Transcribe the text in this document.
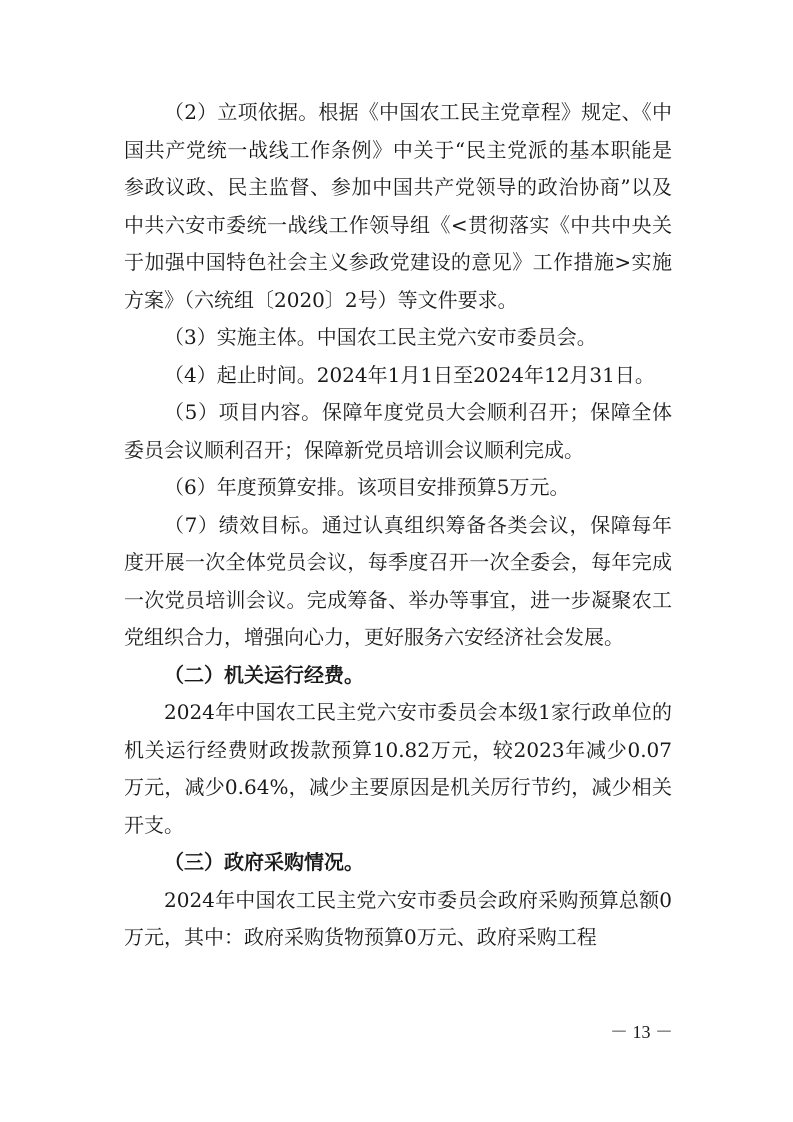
（2）立项依据。根据《中国农工民主党章程》规定、《中国共产党统一战线工作条例》中关于“民主党派的基本职能是参政议政、民主监督、参加中国共产党领导的政治协商”以及中共六安市委统一战线工作领导组《<贯彻落实《中共中央关于加强中国特色社会主义参政党建设的意见》工作措施>实施方案》（六统组〔2020〕2号）等文件要求。

（3）实施主体。中国农工民主党六安市委员会。

（4）起止时间。2024年1月1日至2024年12月31日。

（5）项目内容。保障年度党员大会顺利召开；保障全体委员会议顺利召开；保障新党员培训会议顺利完成。

（6）年度预算安排。该项目安排预算5万元。

（7）绩效目标。通过认真组织筹备各类会议，保障每年度开展一次全体党员会议，每季度召开一次全委会，每年完成一次党员培训会议。完成筹备、举办等事宜，进一步凝聚农工党组织合力，增强向心力，更好服务六安经济社会发展。

（二）机关运行经费。

2024年中国农工民主党六安市委员会本级1家行政单位的机关运行经费财政拨款预算10.82万元，较2023年减少0.07万元，减少0.64%，减少主要原因是机关厉行节约，减少相关开支。

（三）政府采购情况。

2024年中国农工民主党六安市委员会政府采购预算总额0万元，其中：政府采购货物预算0万元、政府采购工程

－ 13 －
